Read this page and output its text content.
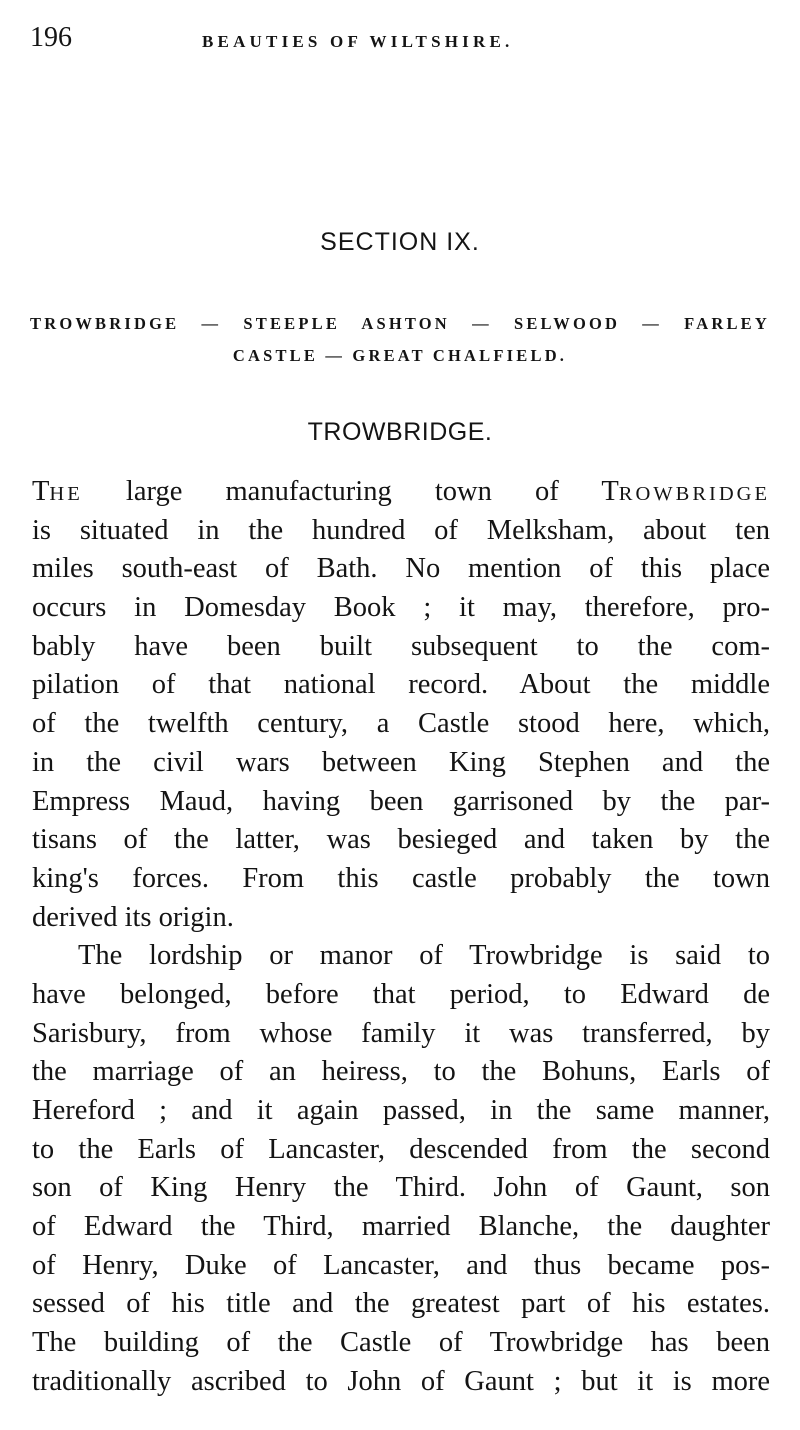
196	BEAUTIES OF WILTSHIRE.
SECTION IX.
TROWBRIDGE — STEEPLE ASHTON — SELWOOD — FARLEY
CASTLE — GREAT CHALFIELD.
TROWBRIDGE.
THE large manufacturing town of TROWBRIDGE
is situated in the hundred of Melksham, about ten
miles south-east of Bath. No mention of this place
occurs in Domesday Book ; it may, therefore, pro-
bably have been built subsequent to the com-
pilation of that national record. About the middle
of the twelfth century, a Castle stood here, which,
in the civil wars between King Stephen and the
Empress Maud, having been garrisoned by the par-
tisans of the latter, was besieged and taken by the
king's forces. From this castle probably the town
derived its origin.
The lordship or manor of Trowbridge is said to
have belonged, before that period, to Edward de
Sarisbury, from whose family it was transferred, by
the marriage of an heiress, to the Bohuns, Earls of
Hereford ; and it again passed, in the same manner,
to the Earls of Lancaster, descended from the second
son of King Henry the Third. John of Gaunt, son
of Edward the Third, married Blanche, the daughter
of Henry, Duke of Lancaster, and thus became pos-
sessed of his title and the greatest part of his estates.
The building of the Castle of Trowbridge has been
traditionally ascribed to John of Gaunt ; but it is more
